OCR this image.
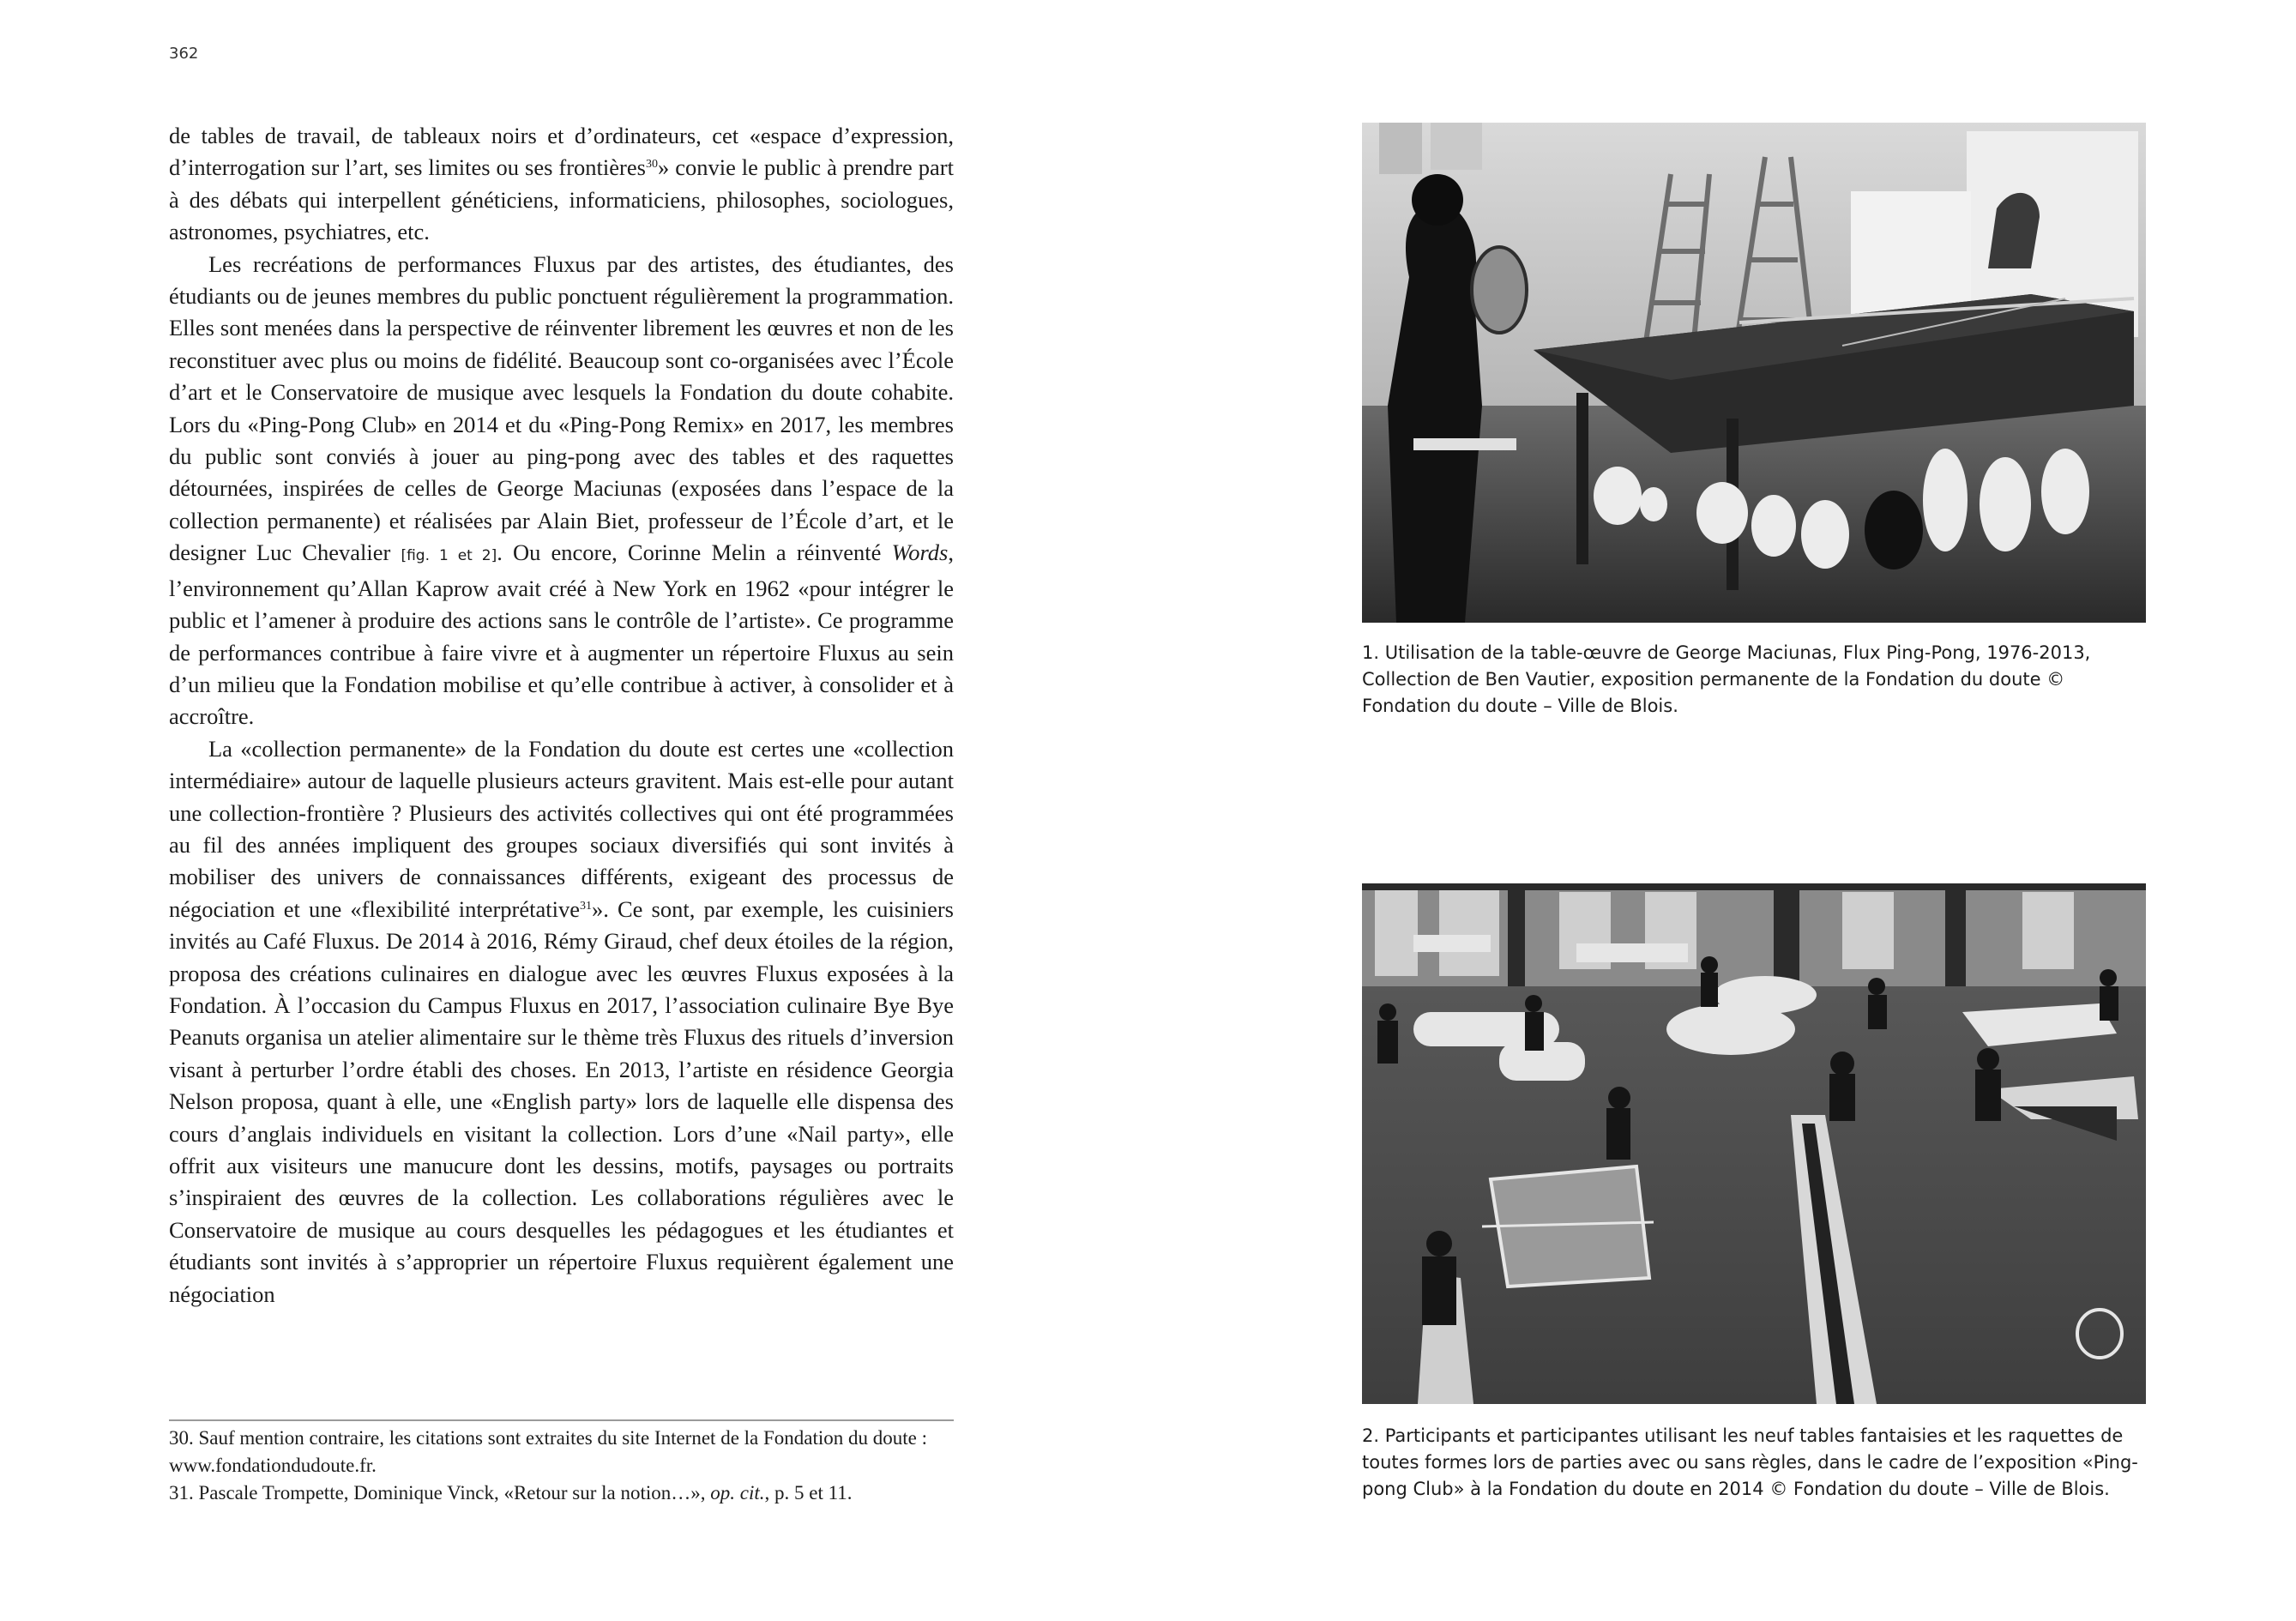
362

de tables de travail, de tableaux noirs et d’ordinateurs, cet «espace d’expression, d’interrogation sur l’art, ses limites ou ses frontières$^{30}$» convie le public à prendre part à des débats qui interpellent généticiens, informaticiens, philosophes, sociologues, astronomes, psychiatres, etc.

Les recréations de performances Fluxus par des artistes, des étudiantes, des étudiants ou de jeunes membres du public ponctuent régulièrement la programmation. Elles sont menées dans la perspective de réinventer librement les œuvres et non de les reconstituer avec plus ou moins de fidélité. Beaucoup sont co-organisées avec l’École d’art et le Conservatoire de musique avec lesquels la Fondation du doute cohabite. Lors du «Ping-Pong Club» en 2014 et du «Ping-Pong Remix» en 2017, les membres du public sont conviés à jouer au ping-pong avec des tables et des raquettes détournées, inspirées de celles de George Maciunas (exposées dans l’espace de la collection permanente) et réalisées par Alain Biet, professeur de l’École d’art, et le designer Luc Chevalier [fig. 1 et 2]. Ou encore, Corinne Melin a réinventé Words, l’environnement qu’Allan Kaprow avait créé à New York en 1962 «pour intégrer le public et l’amener à produire des actions sans le contrôle de l’artiste». Ce programme de performances contribue à faire vivre et à augmenter un répertoire Fluxus au sein d’un milieu que la Fondation mobilise et qu’elle contribue à activer, à consolider et à accroître.

La «collection permanente» de la Fondation du doute est certes une «collection intermédiaire» autour de laquelle plusieurs acteurs gravitent. Mais est-elle pour autant une collection-frontière ? Plusieurs des activités collectives qui ont été programmées au fil des années impliquent des groupes sociaux diversifiés qui sont invités à mobiliser des univers de connaissances différents, exigeant des processus de négociation et une «flexibilité interprétative$^{31}$». Ce sont, par exemple, les cuisiniers invités au Café Fluxus. De 2014 à 2016, Rémy Giraud, chef deux étoiles de la région, proposa des créations culinaires en dialogue avec les œuvres Fluxus exposées à la Fondation. À l’occasion du Campus Fluxus en 2017, l’association culinaire Bye Bye Peanuts organisa un atelier alimentaire sur le thème très Fluxus des rituels d’inversion visant à perturber l’ordre établi des choses. En 2013, l’artiste en résidence Georgia Nelson proposa, quant à elle, une «English party» lors de laquelle elle dispensa des cours d’anglais individuels en visitant la collection. Lors d’une «Nail party», elle offrit aux visiteurs une manucure dont les dessins, motifs, paysages ou portraits s’inspiraient des œuvres de la collection. Les collaborations régulières avec le Conservatoire de musique au cours desquelles les pédagogues et les étudiantes et étudiants sont invités à s’approprier un répertoire Fluxus requièrent également une négociation

30. Sauf mention contraire, les citations sont extraites du site Internet de la Fondation du doute : www.fondationdudoute.fr.

31. Pascale Trompette, Dominique Vinck, «Retour sur la notion…», op. cit., p. 5 et 11.

1. Utilisation de la table-œuvre de George Maciunas, Flux Ping-Pong, 1976-2013, Collection de Ben Vautier, exposition permanente de la Fondation du doute © Fondation du doute – Ville de Blois.
2. Participants et participantes utilisant les neuf tables fantaisies et les raquettes de toutes formes lors de parties avec ou sans règles, dans le cadre de l’exposition «Ping-pong Club» à la Fondation du doute en 2014 © Fondation du doute – Ville de Blois.
